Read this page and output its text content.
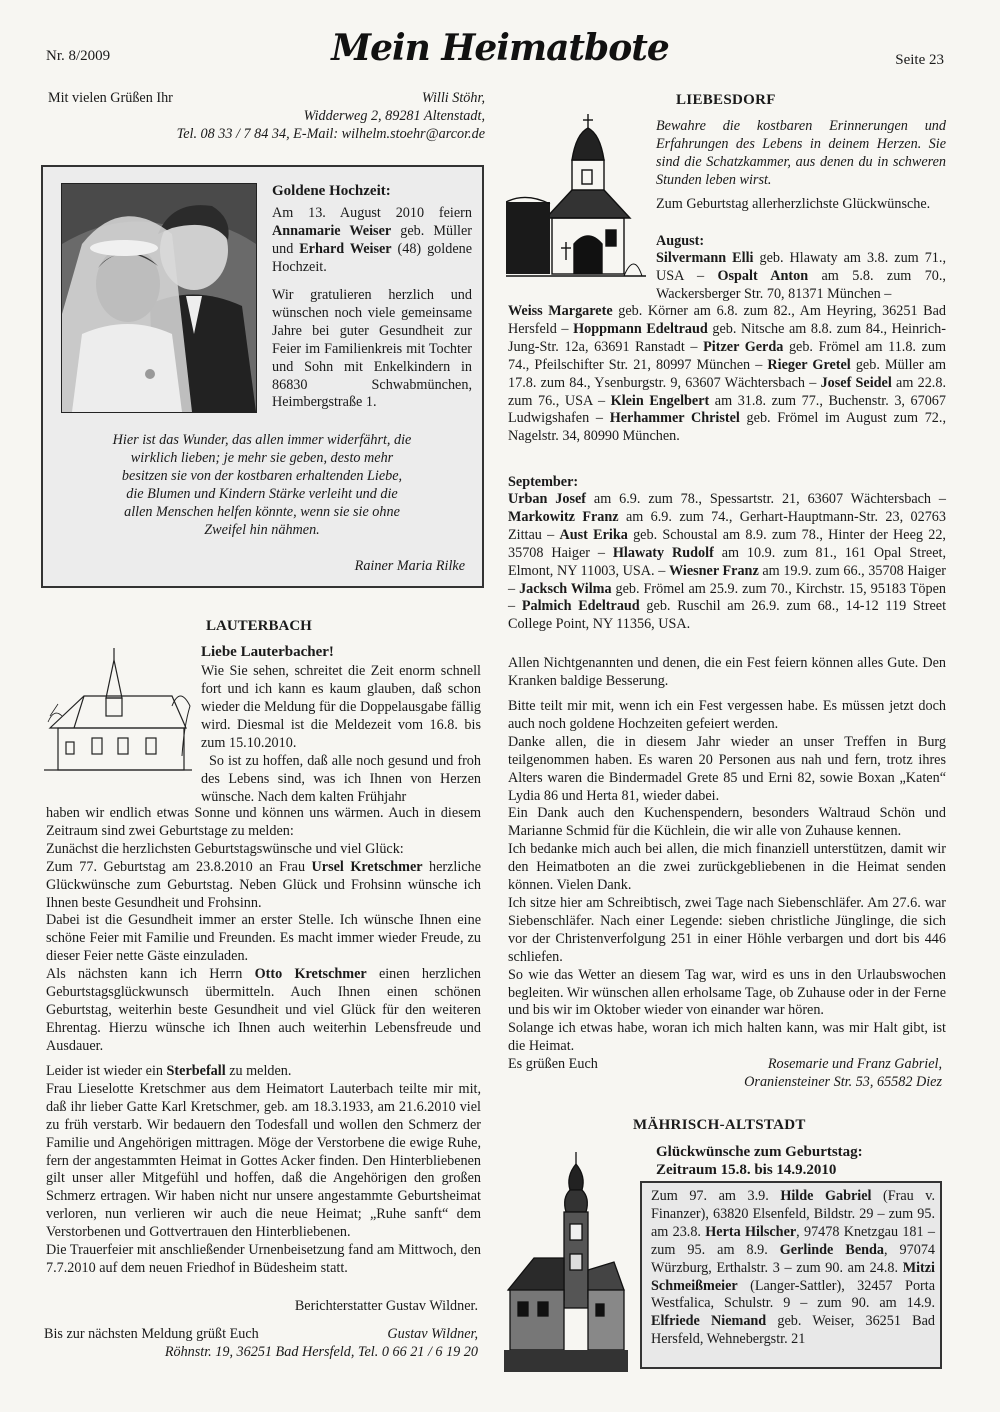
Nr. 8/2009	Mein Heimatbote	Seite 23
Mit vielen Grüßen Ihr	Willi Stöhr,
Widderweg 2, 89281 Altenstadt,
Tel. 08 33 / 7 84 34, E-Mail: wilhelm.stoehr@arcor.de
Goldene Hochzeit:

Am 13. August 2010 feiern Annamarie Weiser geb. Müller und Erhard Weiser (48) goldene Hochzeit.

Wir gratulieren herzlich und wünschen noch viele gemeinsame Jahre bei guter Gesundheit zur Feier im Familienkreis mit Tochter und Sohn mit Enkelkindern in 86830 Schwabmünchen, Heimbergstraße 1.

Hier ist das Wunder, das allen immer widerfährt, die wirklich lieben; je mehr sie geben, desto mehr besitzen sie von der kostbaren erhaltenden Liebe, die Blumen und Kindern Stärke verleiht und die allen Menschen helfen könnte, wenn sie sie ohne Zweifel hin nähmen.

Rainer Maria Rilke
LAUTERBACH
Liebe Lauterbacher!

Wie Sie sehen, schreitet die Zeit enorm schnell fort und ich kann es kaum glauben, daß schon wieder die Meldung für die Doppelausgabe fällig wird. Diesmal ist die Meldezeit vom 16.8. bis zum 15.10.2010.

So ist zu hoffen, daß alle noch gesund und froh des Lebens sind, was ich Ihnen von Herzen wünsche. Nach dem kalten Frühjahr

haben wir endlich etwas Sonne und können uns wärmen. Auch in diesem Zeitraum sind zwei Geburtstage zu melden:
Zunächst die herzlichsten Geburtstagswünsche und viel Glück:
Zum 77. Geburtstag am 23.8.2010 an Frau Ursel Kretschmer herzliche Glückwünsche zum Geburtstag. Neben Glück und Frohsinn wünsche ich Ihnen beste Gesundheit und Frohsinn.
Dabei ist die Gesundheit immer an erster Stelle. Ich wünsche Ihnen eine schöne Feier mit Familie und Freunden. Es macht immer wieder Freude, zu dieser Feier nette Gäste einzuladen.
Als nächsten kann ich Herrn Otto Kretschmer einen herzlichen Geburtstagsglückwunsch übermitteln. Auch Ihnen einen schönen Geburtstag, weiterhin beste Gesundheit und viel Glück für den weiteren Ehrentag. Hierzu wünsche ich Ihnen auch weiterhin Lebensfreude und Ausdauer.
Leider ist wieder ein Sterbefall zu melden.
Frau Lieselotte Kretschmer aus dem Heimatort Lauterbach teilte mir mit, daß ihr lieber Gatte Karl Kretschmer, geb. am 18.3.1933, am 21.6.2010 viel zu früh verstarb. Wir bedauern den Todesfall und wollen den Schmerz der Familie und Angehörigen mittragen. Möge der Verstorbene die ewige Ruhe, fern der angestammten Heimat in Gottes Acker finden. Den Hinterbliebenen gilt unser aller Mitgefühl und hoffen, daß die Angehörigen den großen Schmerz ertragen. Wir haben nicht nur unsere angestammte Geburtsheimat verloren, nun verlieren wir auch die neue Heimat; „Ruhe sanft“ dem Verstorbenen und Gottvertrauen den Hinterbliebenen.
Die Trauerfeier mit anschließender Urnenbeisetzung fand am Mittwoch, den 7.7.2010 auf dem neuen Friedhof in Büdesheim statt.
Berichterstatter Gustav Wildner.
Bis zur nächsten Meldung grüßt Euch	Gustav Wildner,
Röhnstr. 19, 36251 Bad Hersfeld, Tel. 0 66 21 / 6 19 20
LIEBESDORF

Bewahre die kostbaren Erinnerungen und Erfahrungen des Lebens in deinem Herzen. Sie sind die Schatzkammer, aus denen du in schweren Stunden leben wirst.

Zum Geburtstag allerherzlichste Glückwünsche.

August:

Silvermann Elli geb. Hlawaty am 3.8. zum 71., USA – Ospalt Anton am 5.8. zum 70., Wackersberger Str. 70, 81371 München –

Weiss Margarete geb. Körner am 6.8. zum 82., Am Heyring, 36251 Bad Hersfeld – Hoppmann Edeltraud geb. Nitsche am 8.8. zum 84., Heinrich-Jung-Str. 12a, 63691 Ranstadt – Pitzer Gerda geb. Frömel am 11.8. zum 74., Pfeilschifter Str. 21, 80997 München – Rieger Gretel geb. Müller am 17.8. zum 84., Ysenburgstr. 9, 63607 Wächtersbach – Josef Seidel am 22.8. zum 76., USA – Klein Engelbert am 31.8. zum 77., Buchenstr. 3, 67067 Ludwigshafen – Herhammer Christel geb. Frömel im August zum 72., Nagelstr. 34, 80990 München.

September:

Urban Josef am 6.9. zum 78., Spessartstr. 21, 63607 Wächtersbach – Markowitz Franz am 6.9. zum 74., Gerhart-Hauptmann-Str. 23, 02763 Zittau – Aust Erika geb. Schoustal am 8.9. zum 78., Hinter der Heeg 22, 35708 Haiger – Hlawaty Rudolf am 10.9. zum 81., 161 Opal Street, Elmont, NY 11003, USA. – Wiesner Franz am 19.9. zum 66., 35708 Haiger – Jacksch Wilma geb. Frömel am 25.9. zum 70., Kirchstr. 15, 95183 Töpen – Palmich Edeltraud geb. Ruschil am 26.9. zum 68., 14-12 119 Street College Point, NY 11356, USA.

Allen Nichtgenannten und denen, die ein Fest feiern können alles Gute. Den Kranken baldige Besserung.

Bitte teilt mir mit, wenn ich ein Fest vergessen habe. Es müssen jetzt doch auch noch goldene Hochzeiten gefeiert werden.
Danke allen, die in diesem Jahr wieder an unser Treffen in Burg teilgenommen haben. Es waren 20 Personen aus nah und fern, trotz ihres Alters waren die Bindermadel Grete 85 und Erni 82, sowie Boxan „Katen“ Lydia 86 und Herta 81, wieder dabei.
Ein Dank auch den Kuchenspendern, besonders Waltraud Schön und Marianne Schmid für die Küchlein, die wir alle von Zuhause kennen.
Ich bedanke mich auch bei allen, die mich finanziell unterstützen, damit wir den Heimatboten an die zwei zurückgebliebenen in die Heimat senden können. Vielen Dank.
Ich sitze hier am Schreibtisch, zwei Tage nach Siebenschläfer. Am 27.6. war Siebenschläfer. Nach einer Legende: sieben christliche Jünglinge, die sich vor der Christenverfolgung 251 in einer Höhle verbargen und dort bis 446 schliefen.
So wie das Wetter an diesem Tag war, wird es uns in den Urlaubswochen begleiten. Wir wünschen allen erholsame Tage, ob Zuhause oder in der Ferne und bis wir im Oktober wieder von einander war hören.
Solange ich etwas habe, woran ich mich halten kann, was mir Halt gibt, ist die Heimat.
Es grüßen Euch	Rosemarie und Franz Gabriel,
Oraniensteiner Str. 53, 65582 Diez
MÄHRISCH-ALTSTADT
Glückwünsche zum Geburtstag:
Zeitraum 15.8. bis 14.9.2010

Zum 97. am 3.9. Hilde Gabriel (Frau v. Finanzer), 63820 Elsenfeld, Bildstr. 29 – zum 95. am 23.8. Herta Hilscher, 97478 Knetzgau 181 – zum 95. am 8.9. Gerlinde Benda, 97074 Würzburg, Erthalstr. 3 – zum 90. am 24.8. Mitzi Schmeißmeier (Langer-Sattler), 32457 Porta Westfalica, Schulstr. 9 – zum 90. am 14.9. Elfriede Niemand geb. Weiser, 36251 Bad Hersfeld, Wehnebergstr. 21
